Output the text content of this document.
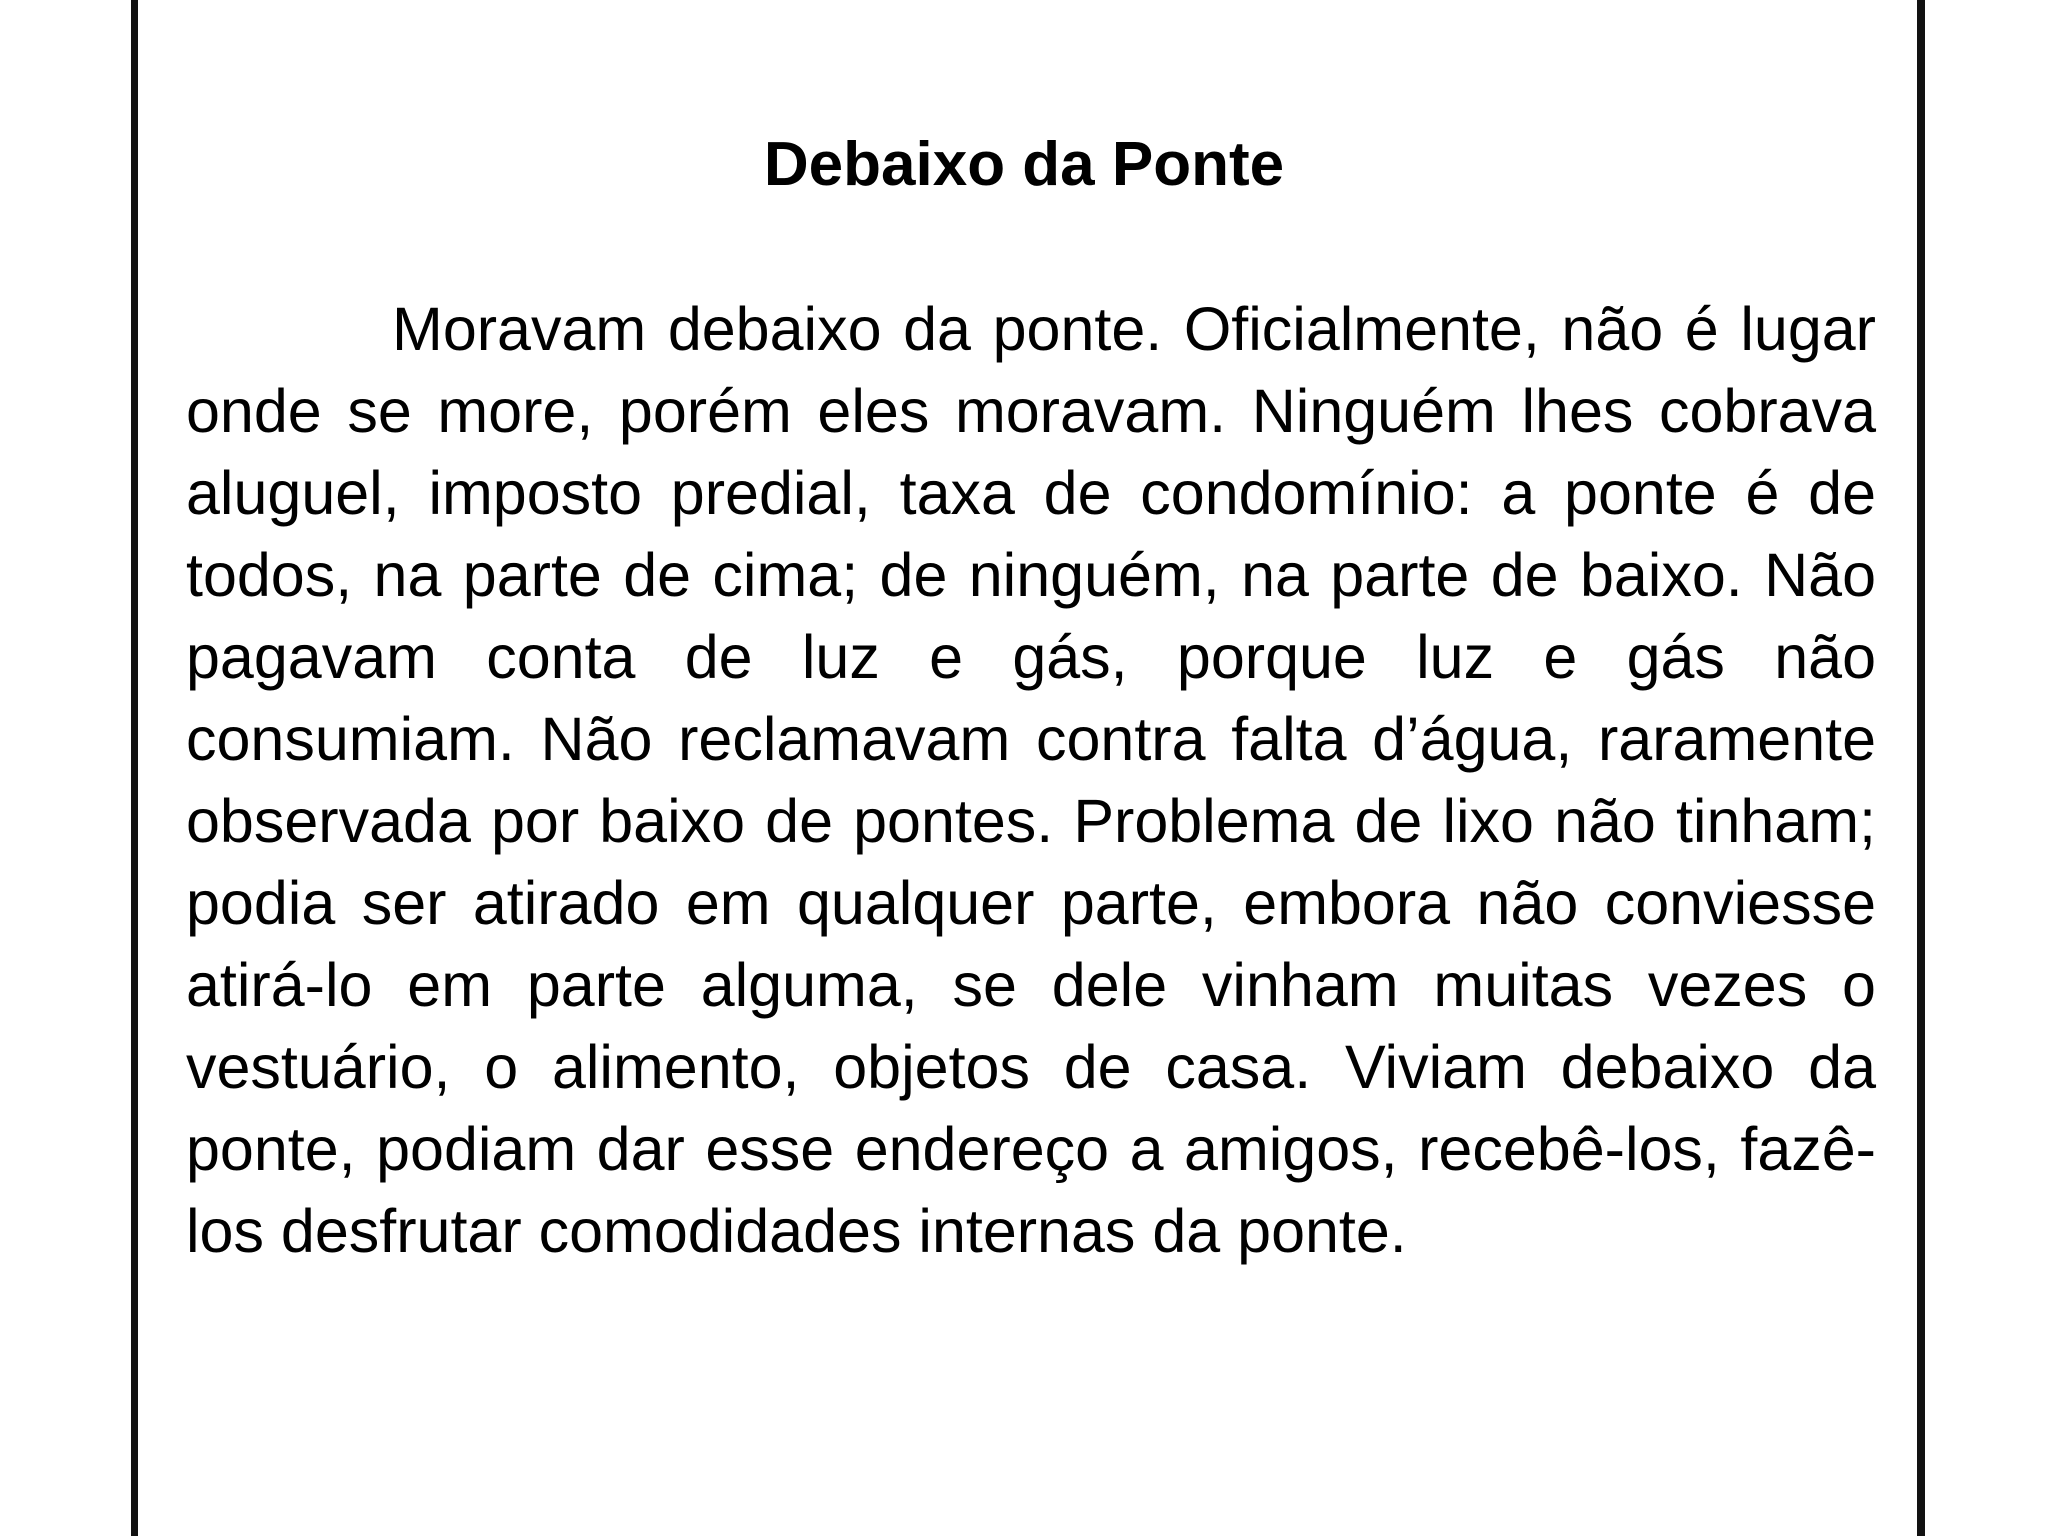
Debaixo da Ponte

Moravam debaixo da ponte. Oficialmente, não é lugar onde se more, porém eles moravam. Ninguém lhes cobrava aluguel, imposto predial, taxa de condomínio: a ponte é de todos, na parte de cima; de ninguém, na parte de baixo. Não pagavam conta de luz e gás, porque luz e gás não consumiam. Não reclamavam contra falta d’água, raramente observada por baixo de pontes. Problema de lixo não tinham; podia ser atirado em qualquer parte, embora não conviesse atirá-lo em parte alguma, se dele vinham muitas vezes o vestuário, o alimento, objetos de casa. Viviam debaixo da ponte, podiam dar esse endereço a amigos, recebê-los, fazê-los desfrutar comodidades internas da ponte.
